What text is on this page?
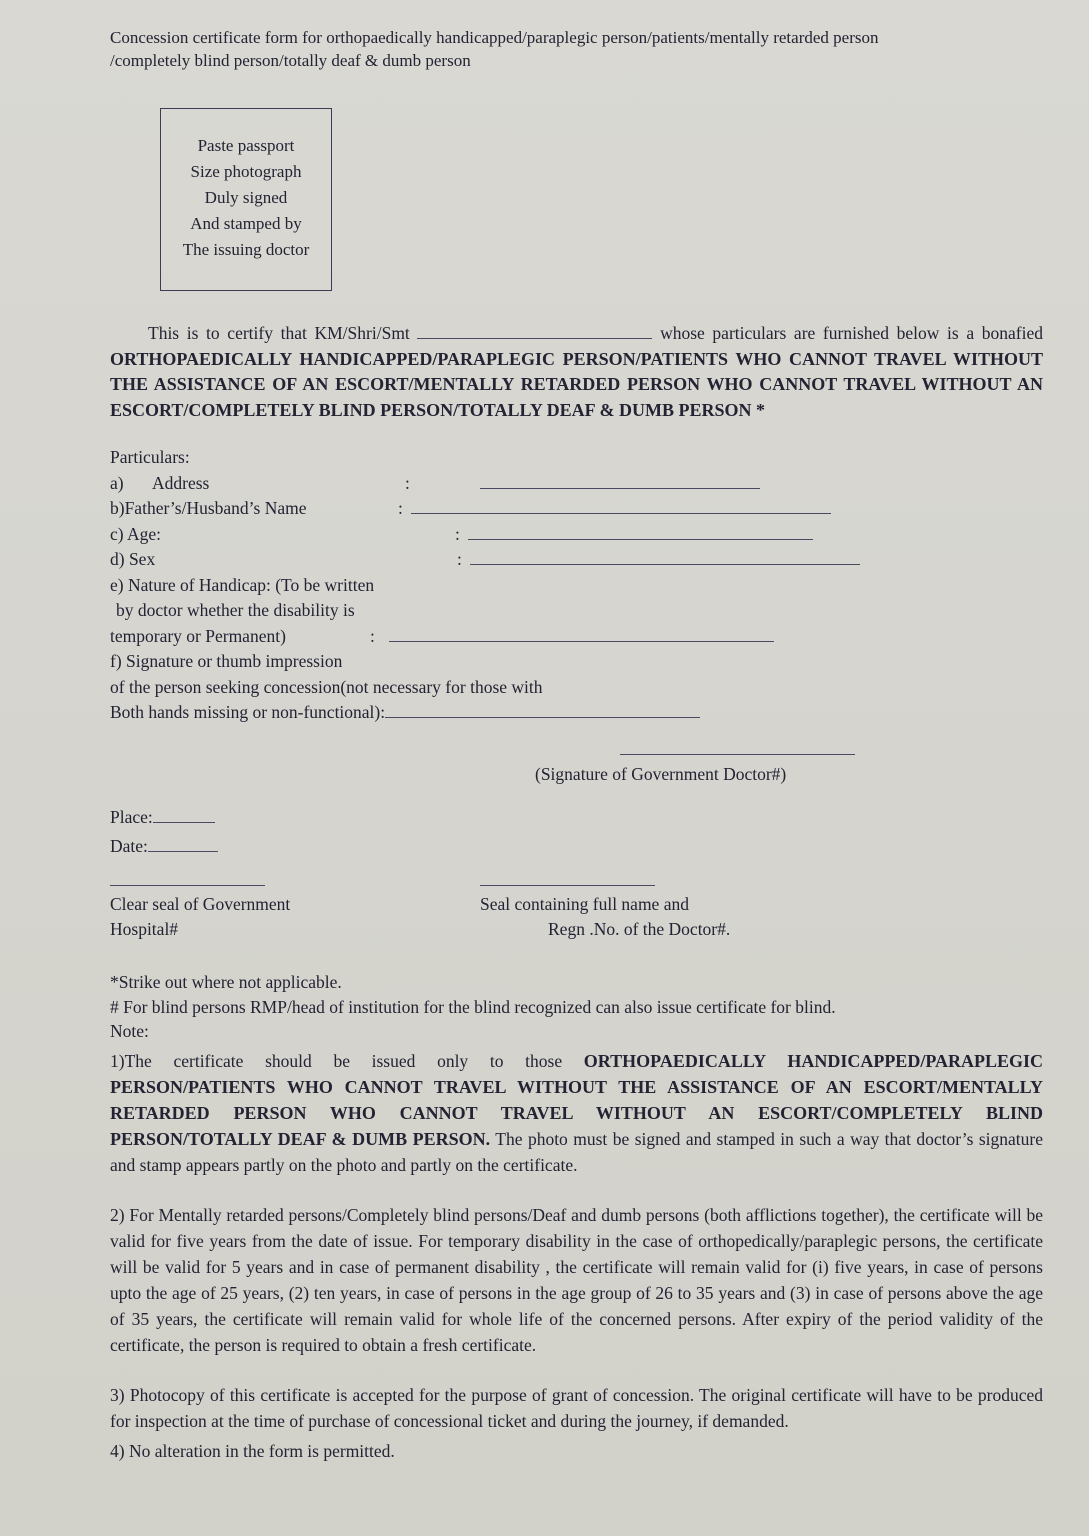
Concession certificate form for orthopaedically handicapped/paraplegic person/patients/mentally retarded person
/completely blind person/totally deaf & dumb person
Paste passport
Size photograph
Duly signed
And stamped by
The issuing doctor

This is to certify that KM/Shri/Smt	whose particulars are furnished below is a bonafied ORTHOPAEDICALLY HANDICAPPED/PARAPLEGIC PERSON/PATIENTS WHO CANNOT TRAVEL WITHOUT THE ASSISTANCE OF AN ESCORT/MENTALLY RETARDED PERSON WHO CANNOT TRAVEL WITHOUT AN ESCORT/COMPLETELY BLIND PERSON/TOTALLY DEAF & DUMB PERSON *

Particulars:
a) Address	:
b)Father’s/Husband’s Name	:
c) Age:	:
d) Sex	:
e) Nature of Handicap: (To be written
by doctor whether the disability is
temporary or Permanent)	:
f) Signature or thumb impression
of the person seeking concession(not necessary for those with
Both hands missing or non-functional):
(Signature of Government Doctor#)
Place:
Date:
Clear seal of Government
Hospital#
Seal containing full name and
Regn .No. of the Doctor#.
*Strike out where not applicable.
# For blind persons RMP/head of institution for the blind recognized can also issue certificate for blind.
Note:

1)The certificate should be issued only to those ORTHOPAEDICALLY HANDICAPPED/PARAPLEGIC PERSON/PATIENTS WHO CANNOT TRAVEL WITHOUT THE ASSISTANCE OF AN ESCORT/MENTALLY RETARDED PERSON WHO CANNOT TRAVEL WITHOUT AN ESCORT/COMPLETELY BLIND PERSON/TOTALLY DEAF & DUMB PERSON. The photo must be signed and stamped in such a way that doctor’s signature and stamp appears partly on the photo and partly on the certificate.

2) For Mentally retarded persons/Completely blind persons/Deaf and dumb persons (both afflictions together), the certificate will be valid for five years from the date of issue. For temporary disability in the case of orthopedically/paraplegic persons, the certificate will be valid for 5 years and in case of permanent disability , the certificate will remain valid for (i) five years, in case of persons upto the age of 25 years, (2) ten years, in case of persons in the age group of 26 to 35 years and (3) in case of persons above the age of 35 years, the certificate will remain valid for whole life of the concerned persons. After expiry of the period validity of the certificate, the person is required to obtain a fresh certificate.

3) Photocopy of this certificate is accepted for the purpose of grant of concession. The original certificate will have to be produced for inspection at the time of purchase of concessional ticket and during the journey, if demanded.

4) No alteration in the form is permitted.
